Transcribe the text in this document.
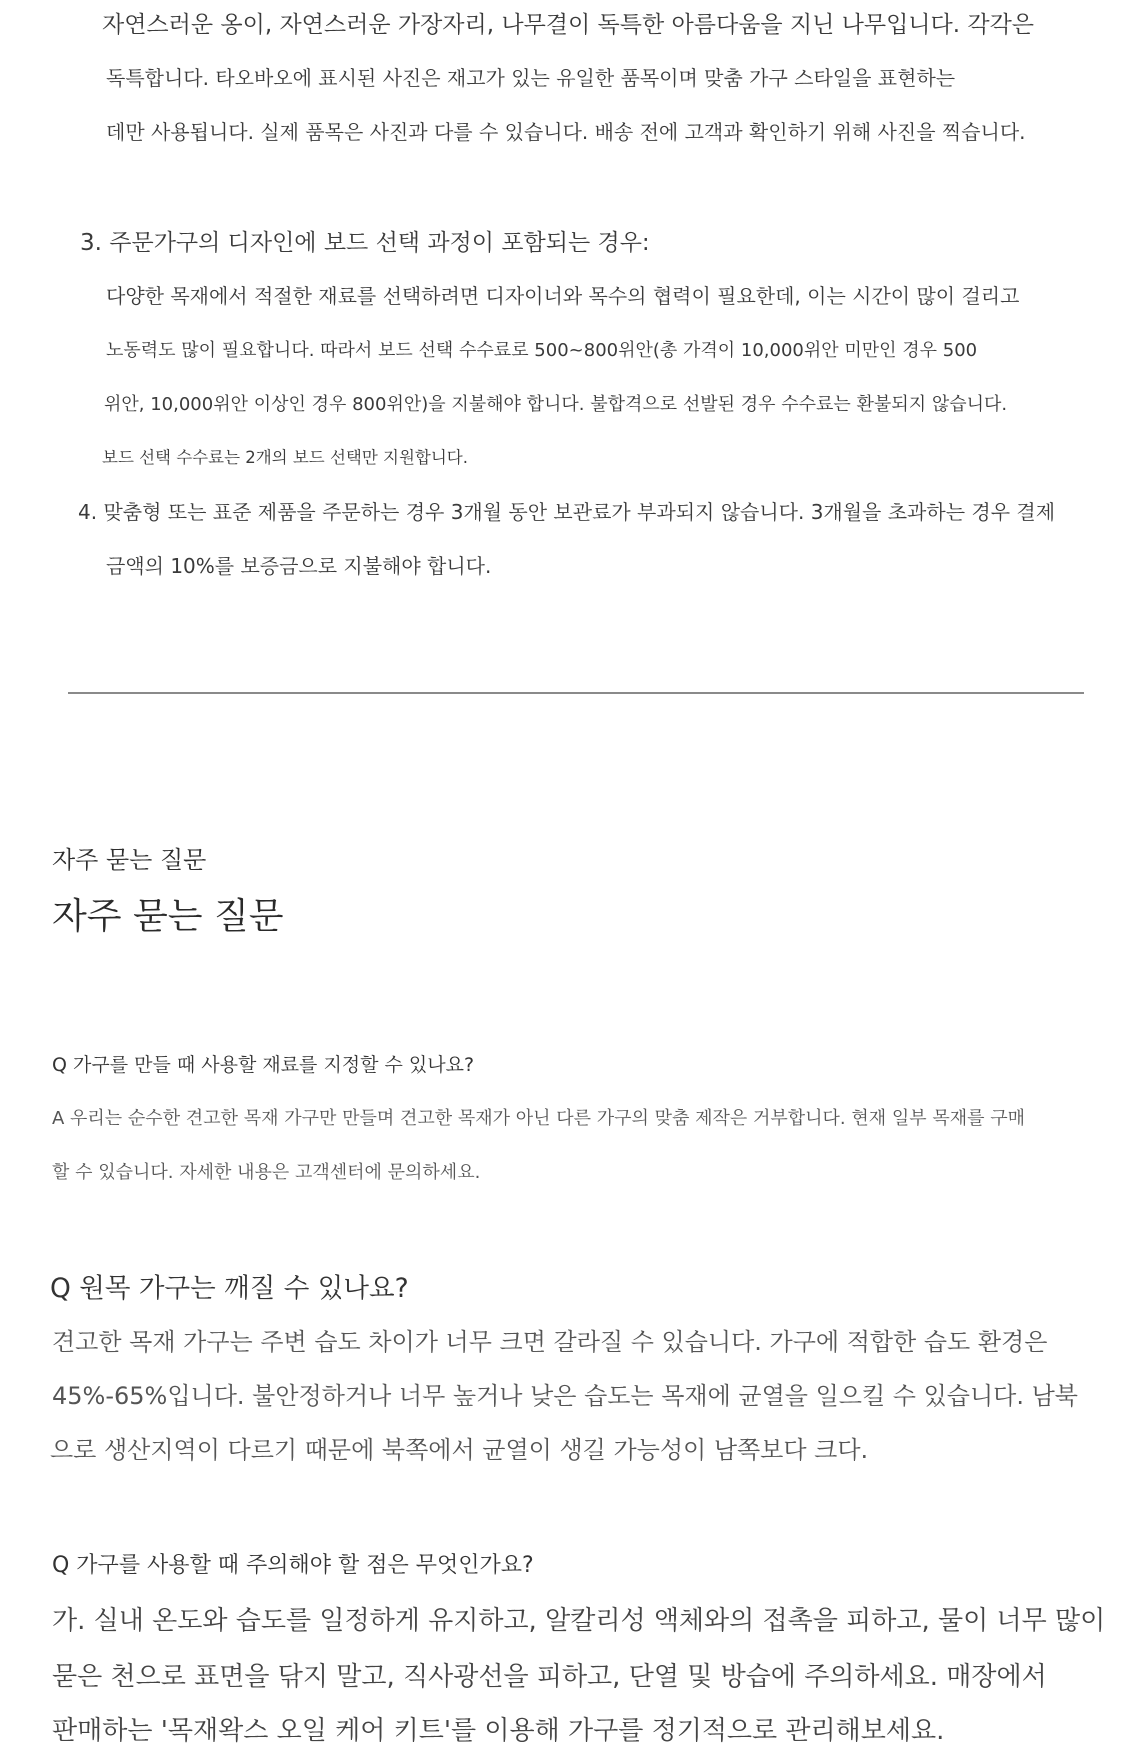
자연스러운 옹이, 자연스러운 가장자리, 나무결이 독특한 아름다움을 지닌 나무입니다. 각각은

독특합니다. 타오바오에 표시된 사진은 재고가 있는 유일한 품목이며 맞춤 가구 스타일을 표현하는

데만 사용됩니다. 실제 품목은 사진과 다를 수 있습니다. 배송 전에 고객과 확인하기 위해 사진을 찍습니다.

3. 주문가구의 디자인에 보드 선택 과정이 포함되는 경우:

다양한 목재에서 적절한 재료를 선택하려면 디자이너와 목수의 협력이 필요한데, 이는 시간이 많이 걸리고

노동력도 많이 필요합니다. 따라서 보드 선택 수수료로 500~800위안(총 가격이 10,000위안 미만인 경우 500

위안, 10,000위안 이상인 경우 800위안)을 지불해야 합니다. 불합격으로 선발된 경우 수수료는 환불되지 않습니다.

보드 선택 수수료는 2개의 보드 선택만 지원합니다.

4. 맞춤형 또는 표준 제품을 주문하는 경우 3개월 동안 보관료가 부과되지 않습니다. 3개월을 초과하는 경우 결제

금액의 10%를 보증금으로 지불해야 합니다.

자주 묻는 질문

자주 묻는 질문

Q 가구를 만들 때 사용할 재료를 지정할 수 있나요?

A 우리는 순수한 견고한 목재 가구만 만들며 견고한 목재가 아닌 다른 가구의 맞춤 제작은 거부합니다. 현재 일부 목재를 구매

할 수 있습니다. 자세한 내용은 고객센터에 문의하세요.

Q 원목 가구는 깨질 수 있나요?

견고한 목재 가구는 주변 습도 차이가 너무 크면 갈라질 수 있습니다. 가구에 적합한 습도 환경은

45%-65%입니다. 불안정하거나 너무 높거나 낮은 습도는 목재에 균열을 일으킬 수 있습니다. 남북

으로 생산지역이 다르기 때문에 북쪽에서 균열이 생길 가능성이 남쪽보다 크다.

Q 가구를 사용할 때 주의해야 할 점은 무엇인가요?

가. 실내 온도와 습도를 일정하게 유지하고, 알칼리성 액체와의 접촉을 피하고, 물이 너무 많이

묻은 천으로 표면을 닦지 말고, 직사광선을 피하고, 단열 및 방습에 주의하세요. 매장에서

판매하는 '목재왁스 오일 케어 키트'를 이용해 가구를 정기적으로 관리해보세요.
